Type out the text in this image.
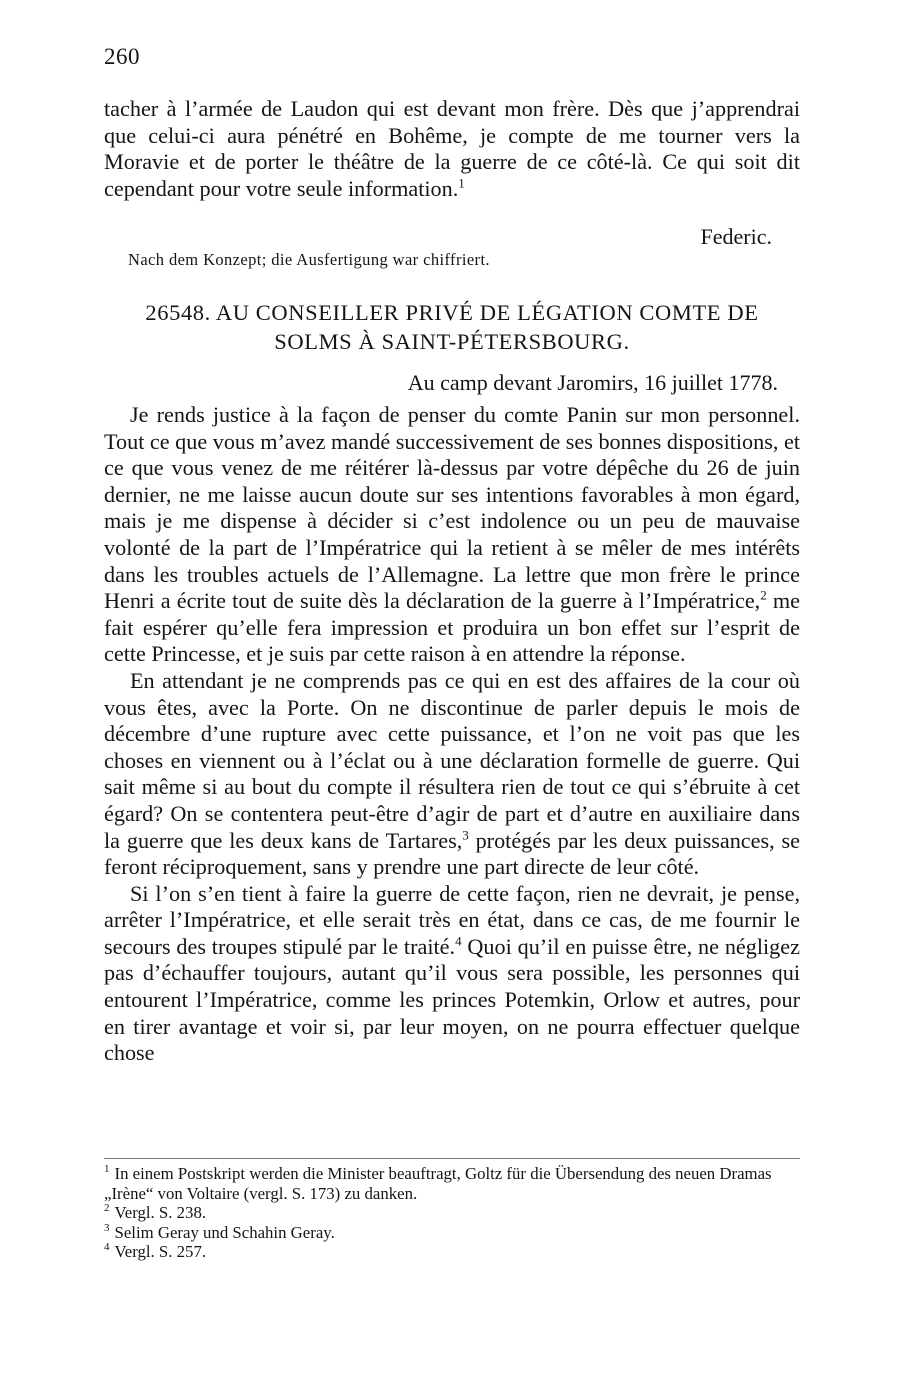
260

tacher à l’armée de Laudon qui est devant mon frère. Dès que j’apprendrai que celui-ci aura pénétré en Bohême, je compte de me tourner vers la Moravie et de porter le théâtre de la guerre de ce côté-là. Ce qui soit dit cependant pour votre seule information.$^1$

Federic.
Nach dem Konzept; die Ausfertigung war chiffriert.
26548. AU CONSEILLER PRIVÉ DE LÉGATION COMTE DE
SOLMS À SAINT-PÉTERSBOURG.
Au camp devant Jaromirs, 16 juillet 1778.

Je rends justice à la façon de penser du comte Panin sur mon personnel. Tout ce que vous m’avez mandé successivement de ses bonnes dispositions, et ce que vous venez de me réitérer là-dessus par votre dépêche du 26 de juin dernier, ne me laisse aucun doute sur ses intentions favorables à mon égard, mais je me dispense à décider si c’est indolence ou un peu de mauvaise volonté de la part de l’Impératrice qui la retient à se mêler de mes intérêts dans les troubles actuels de l’Allemagne. La lettre que mon frère le prince Henri a écrite tout de suite dès la déclaration de la guerre à l’Impératrice,$^2$ me fait espérer qu’elle fera impression et produira un bon effet sur l’esprit de cette Princesse, et je suis par cette raison à en attendre la réponse.

En attendant je ne comprends pas ce qui en est des affaires de la cour où vous êtes, avec la Porte. On ne discontinue de parler depuis le mois de décembre d’une rupture avec cette puissance, et l’on ne voit pas que les choses en viennent ou à l’éclat ou à une déclaration formelle de guerre. Qui sait même si au bout du compte il résultera rien de tout ce qui s’ébruite à cet égard? On se contentera peut-être d’agir de part et d’autre en auxiliaire dans la guerre que les deux kans de Tartares,$^3$ protégés par les deux puissances, se feront réciproquement, sans y prendre une part directe de leur côté.

Si l’on s’en tient à faire la guerre de cette façon, rien ne devrait, je pense, arrêter l’Impératrice, et elle serait très en état, dans ce cas, de me fournir le secours des troupes stipulé par le traité.$^4$ Quoi qu’il en puisse être, ne négligez pas d’échauffer toujours, autant qu’il vous sera possible, les personnes qui entourent l’Impératrice, comme les princes Potemkin, Orlow et autres, pour en tirer avantage et voir si, par leur moyen, on ne pourra effectuer quelque chose

$^1$ In einem Postskript werden die Minister beauftragt, Goltz für die Übersendung des neuen Dramas „Irène“ von Voltaire (vergl. S. 173) zu danken.

$^2$ Vergl. S. 238.

$^3$ Selim Geray und Schahin Geray.

$^4$ Vergl. S. 257.
